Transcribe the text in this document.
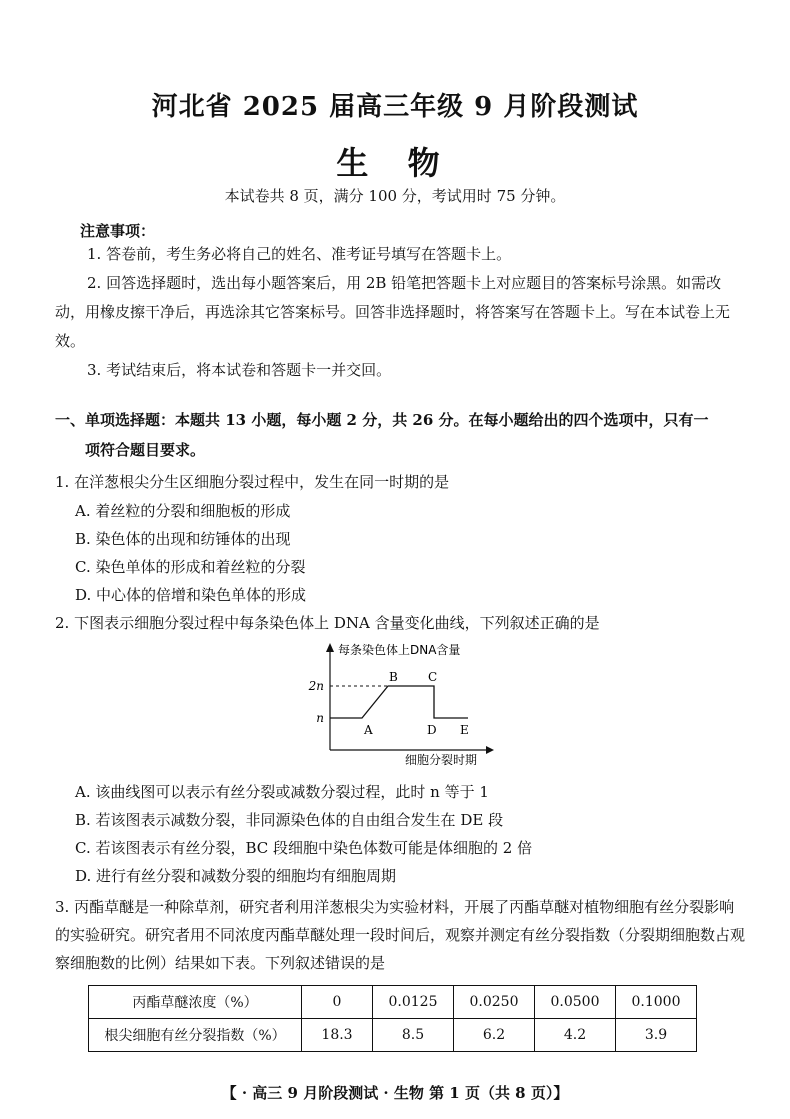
河北省 2025 届高三年级 9 月阶段测试
生 物
本试卷共 8 页，满分 100 分，考试用时 75 分钟。
注意事项：
1. 答卷前，考生务必将自己的姓名、准考证号填写在答题卡上。
2. 回答选择题时，选出每小题答案后，用 2B 铅笔把答题卡上对应题目的答案标号涂黑。如需改动，用橡皮擦干净后，再选涂其它答案标号。回答非选择题时，将答案写在答题卡上。写在本试卷上无效。
3. 考试结束后，将本试卷和答题卡一并交回。
一、单项选择题：本题共 13 小题，每小题 2 分，共 26 分。在每小题给出的四个选项中，只有一
项符合题目要求。
1. 在洋葱根尖分生区细胞分裂过程中，发生在同一时期的是
A. 着丝粒的分裂和细胞板的形成
B. 染色体的出现和纺锤体的出现
C. 染色单体的形成和着丝粒的分裂
D. 中心体的倍增和染色单体的形成
2. 下图表示细胞分裂过程中每条染色体上 DNA 含量变化曲线，下列叙述正确的是
每条染色体上DNA含量
细胞分裂时期
n
2n
A
B	C
D E
A. 该曲线图可以表示有丝分裂或减数分裂过程，此时 n 等于 1
B. 若该图表示减数分裂，非同源染色体的自由组合发生在 DE 段
C. 若该图表示有丝分裂，BC 段细胞中染色体数可能是体细胞的 2 倍
D. 进行有丝分裂和减数分裂的细胞均有细胞周期
3. 丙酯草醚是一种除草剂，研究者利用洋葱根尖为实验材料，开展了丙酯草醚对植物细胞有丝分裂影响的实验研究。研究者用不同浓度丙酯草醚处理一段时间后，观察并测定有丝分裂指数（分裂期细胞数占观察细胞数的比例）结果如下表。下列叙述错误的是
丙酯草醚浓度（%）	0	0.0125	0.0250	0.0500	0.1000
根尖细胞有丝分裂指数（%）	18.3	8.5	6.2	4.2	3.9
【 · 高三 9 月阶段测试 · 生物 第 1 页（共 8 页）】
